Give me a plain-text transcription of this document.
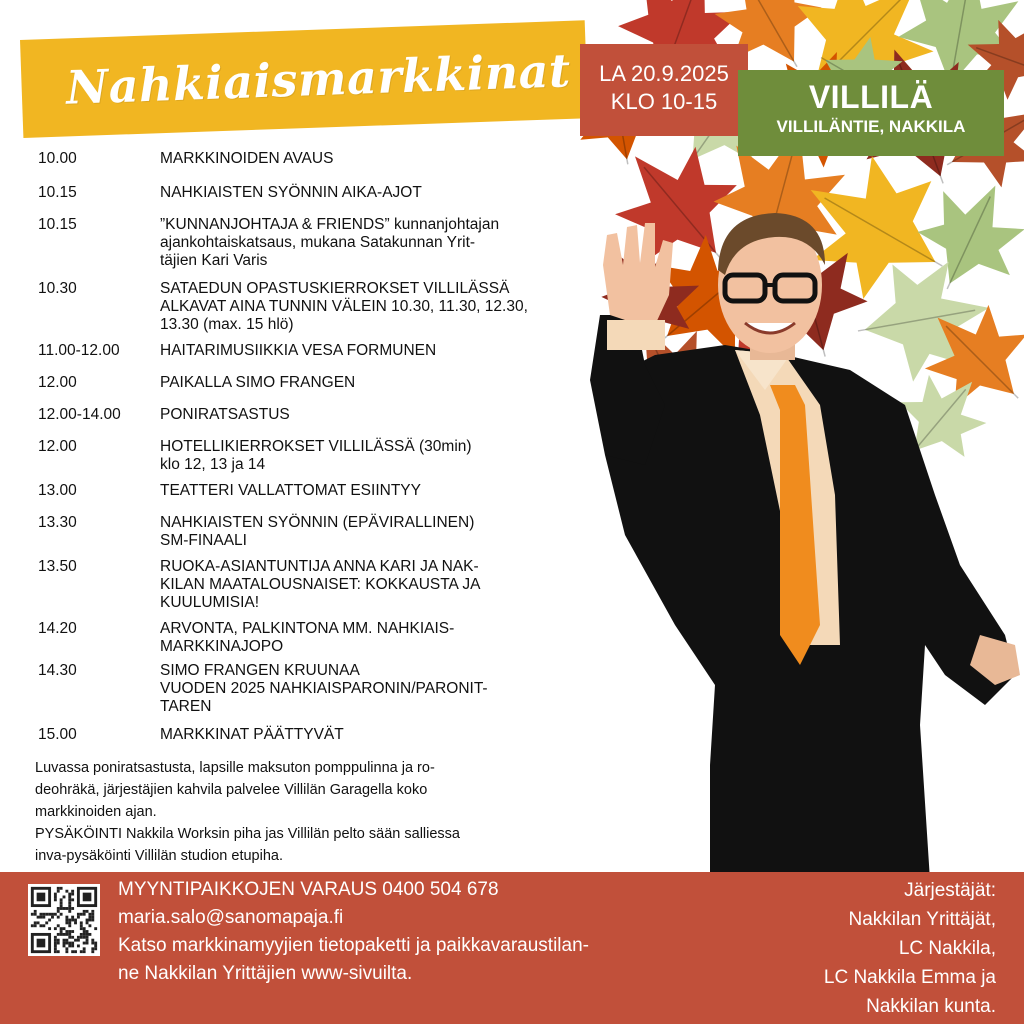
Nahkiaismarkkinat	LA 20.9.2025
KLO 10-15	VILLILÄ
VILLILÄNTIE, NAKKILA
10.00	MARKKINOIDEN AVAUS
10.15	NAHKIAISTEN SYÖNNIN AIKA-AJOT
10.15	”KUNNANJOHTAJA & FRIENDS” kunnanjohtajan
ajankohtaiskatsaus, mukana Satakunnan Yrit-
täjien Kari Varis
10.30	SATAEDUN OPASTUSKIERROKSET VILLILÄSSÄ
ALKAVAT AINA TUNNIN VÄLEIN 10.30, 11.30, 12.30,
13.30 (max. 15 hlö)
11.00-12.00	HAITARIMUSIIKKIA VESA FORMUNEN
12.00	PAIKALLA SIMO FRANGEN
12.00-14.00	PONIRATSASTUS
12.00	HOTELLIKIERROKSET VILLILÄSSÄ (30min)
klo 12, 13 ja 14
13.00	TEATTERI VALLATTOMAT ESIINTYY
13.30	NAHKIAISTEN SYÖNNIN (EPÄVIRALLINEN)
SM-FINAALI
13.50	RUOKA-ASIANTUNTIJA ANNA KARI JA NAK-
KILAN MAATALOUSNAISET: KOKKAUSTA JA
KUULUMISIA!
14.20	ARVONTA, PALKINTONA MM. NAHKIAIS-
MARKKINAJOPO
14.30	SIMO FRANGEN KRUUNAA
VUODEN 2025 NAHKIAISPARONIN/PARONIT-
TAREN
15.00	MARKKINAT PÄÄTTYVÄT
Luvassa poniratsastusta, lapsille maksuton pomppulinna ja ro-
deohräkä, järjestäjien kahvila palvelee Villilän Garagella koko
markkinoiden ajan.
PYSÄKÖINTI Nakkila Worksin piha jas Villilän pelto sään salliessa
inva-pysäköinti Villilän studion etupiha.
MYYNTIPAIKKOJEN VARAUS 0400 504 678
maria.salo@sanomapaja.fi
Katso markkinamyyjien tietopaketti ja paikkavaraustilan-
ne Nakkilan Yrittäjien www-sivuilta.
Järjestäjät:
Nakkilan Yrittäjät,
LC Nakkila,
LC Nakkila Emma ja
Nakkilan kunta.
